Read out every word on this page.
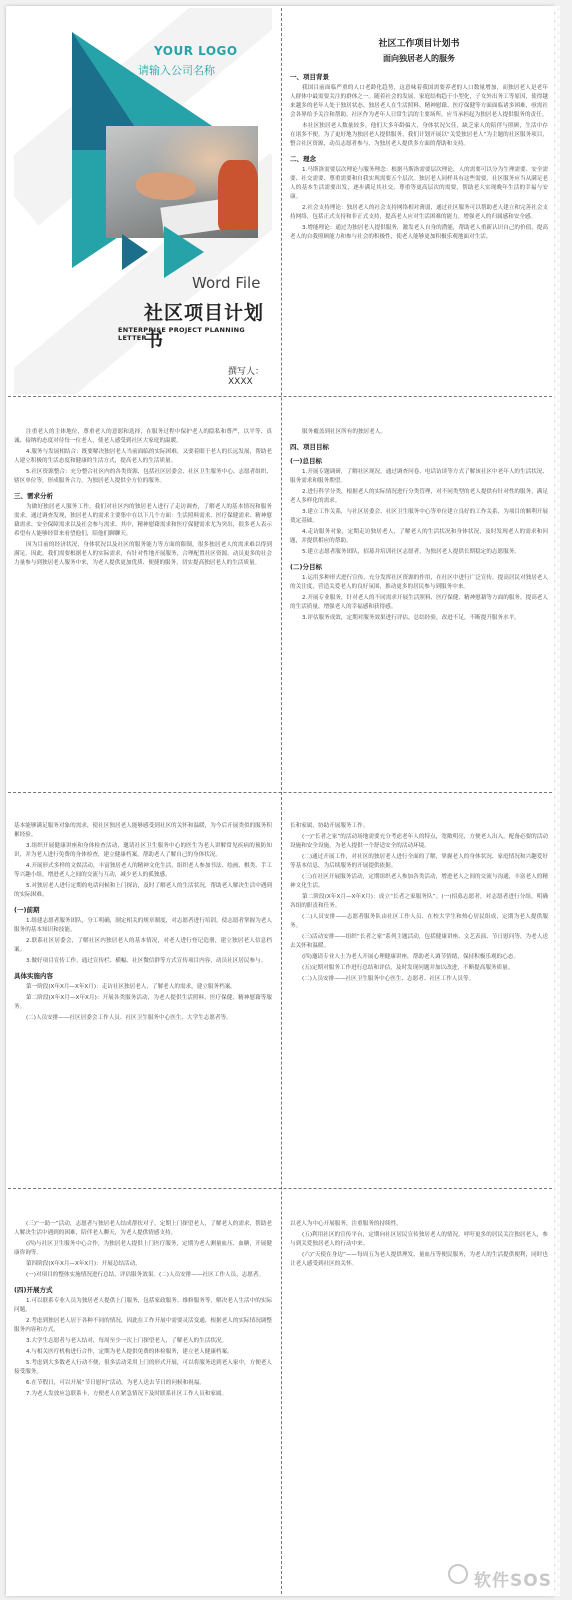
YOUR LOGO
请输入公司名称
Word File
社区项目计划书
ENTERPRISE PROJECT PLANNING LETTER
撰写人：XXXX
社区工作项目计划书
面向独居老人的服务
一、项目背景
我国目前面临严重的人口老龄化趋势，这意味着我国需要养老的人口数量增加，而独居老人是老年人群体中最需要关注的群体之一。随着社会的发展，家庭结构趋于小型化，子女外出务工等原因，使得越来越多的老年人处于独居状态。独居老人在生活照料、精神慰藉、医疗保健等方面面临诸多困难，亟需社会各界给予关注和帮助。社区作为老年人日常生活的主要场所，应当承担起为独居老人提供服务的责任。
本社区独居老人数量较多，他们大多年龄偏大，身体状况欠佳，缺乏家人的陪伴与照顾，生活中存在诸多不便。为了更好地为独居老人提供服务，我们计划开展以“关爱独居老人”为主题的社区服务项目，整合社区资源，动员志愿者参与，为独居老人提供多方面的帮助和支持。
二、理念
1.马斯洛需要层次理论与服务理念：根据马斯洛需要层次理论，人的需要可以分为生理需要、安全需要、社交需要、尊重需要和自我实现需要五个层次。独居老人同样具有这些需要，社区服务应当从满足老人的基本生活需要出发，逐步满足其社交、尊重等更高层次的需要，帮助老人实现晚年生活的幸福与安康。
2.社会支持理论：独居老人的社会支持网络相对薄弱，通过社区服务可以帮助老人建立和完善社会支持网络，包括正式支持和非正式支持，提高老人应对生活困难的能力，增强老人的归属感和安全感。
3.增能理论：通过为独居老人提供服务，激发老人自身的潜能，帮助老人重新认识自己的价值，提高老人的自我照顾能力和参与社会的积极性，使老人能够更加积极乐观地面对生活。
注重老人的主体地位，尊重老人的意愿和选择，在服务过程中保护老人的隐私和尊严，以平等、真诚、接纳的态度对待每一位老人，使老人感受到社区大家庭的温暖。
4.服务与发展相结合：既要解决独居老人当前面临的实际困难，又要着眼于老人的长远发展，帮助老人建立积极的生活态度和健康的生活方式，提高老人的生活质量。
5.社区资源整合：充分整合社区内的各类资源，包括社区居委会、社区卫生服务中心、志愿者组织、辖区单位等，形成服务合力，为独居老人提供全方位的服务。
三、需求分析
为做好独居老人服务工作，我们对社区内的独居老人进行了走访调查，了解老人的基本情况和服务需求。通过调查发现，独居老人的需求主要集中在以下几个方面：生活照料需求、医疗保健需求、精神慰藉需求、安全保障需求以及社会参与需求。其中，精神慰藉需求和医疗保健需求尤为突出，很多老人表示希望有人能够经常来看望他们，陪他们聊聊天。
因为目前的经济状况、身体状况以及社区的服务能力等方面的限制，很多独居老人的需求难以得到满足。因此，我们需要根据老人的实际需求，有针对性地开展服务，合理配置社区资源，动员更多的社会力量参与到独居老人服务中来，为老人提供更加优质、便捷的服务，切实提高独居老人的生活质量。
服务覆盖到社区所有的独居老人。
四、项目目标
(一)总目标
1.开展专题调研，了解社区现况，通过调查问卷、电话访谈等方式了解该社区中老年人的生活状况、服务需求和服务期望。
2.进行科学分类，根据老人的实际情况进行分类管理，对不同类型的老人提供有针对性的服务，满足老人多样化的需求。
3.建立工作关系，与社区居委会、社区卫生服务中心等单位建立良好的工作关系，为项目的顺利开展奠定基础。
4.走访服务对象，定期走访独居老人，了解老人的生活状况和身体状况，及时发现老人的需求和问题，并提供相应的帮助。
5.建立志愿者服务团队，招募并培训社区志愿者，为独居老人提供长期稳定的志愿服务。
(二)分目标
1.运用多种形式进行宣传，充分发挥社区资源的作用，在社区中进行广泛宣传，提高居民对独居老人的关注度，营造关爱老人的良好氛围，推动更多的居民参与到服务中来。
2.开展专业服务，针对老人的不同需求开展生活照料、医疗保健、精神慰藉等方面的服务，提高老人的生活质量，增强老人的幸福感和获得感。
3.评估服务成效，定期对服务效果进行评估，总结经验，改进不足，不断提升服务水平。
基本能够满足服务对象的需求，使社区独居老人能够感受到社区的关怀和温暖，为今后开展类似的服务积累经验。
3.组织开展健康讲座和身体检查活动，邀请社区卫生服务中心的医生为老人讲解常见疾病的预防知识，并为老人进行免费的身体检查，建立健康档案，帮助老人了解自己的身体状况。
4.开展形式多样的文娱活动，丰富独居老人的精神文化生活，组织老人参加书法、绘画、棋类、手工等兴趣小组，增进老人之间的交流与互动，减少老人的孤独感。
5.对独居老人进行定期的电话问候和上门探访，及时了解老人的生活状况，帮助老人解决生活中遇到的实际困难。
(一)前期
1.组建志愿者服务团队，分工明确，制定相关的规章制度，对志愿者进行培训，使志愿者掌握为老人服务的基本知识和技能。
2.联系社区居委会，了解社区内独居老人的基本情况，对老人进行登记造册，建立独居老人信息档案。
3.做好项目宣传工作，通过宣传栏、横幅、社区微信群等方式宣传项目内容，动员社区居民参与。
具体实施内容
第一阶段(X年X月—X年X月)：走访社区独居老人，了解老人的需求，建立服务档案。
第二阶段(X年X月—X年X月)：开展各类服务活动，为老人提供生活照料、医疗保健、精神慰藉等服务。
(二)人员安排——社区居委会工作人员、社区卫生服务中心医生、大学生志愿者等。
长和家属，协助开展服务工作。
(一)“长者之家”的活动场地需要充分考虑老年人的特点，宽敞明亮，方便老人出入，配备必要的活动设施和安全设施，为老人提供一个舒适安全的活动环境。
(二)通过开展工作，对社区的独居老人进行全面的了解，掌握老人的身体状况、家庭情况和兴趣爱好等基本信息，为后续服务的开展提供依据。
(三)在社区开展服务活动，定期组织老人参加各类活动，增进老人之间的交流与沟通，丰富老人的精神文化生活。
第二阶段(X年X月—X年X月)：成立“长者之家服务队”。(一)招募志愿者，对志愿者进行分组，明确各组的职责和任务。
(二)人员安排——志愿者服务队由社区工作人员、在校大学生和热心居民组成，定期为老人提供服务。
(三)活动安排——组织“长者之家”系列主题活动，包括健康讲座、文艺表演、节日慰问等，为老人送去关怀和温暖。
(四)邀请专业人士为老人开展心理健康讲座，帮助老人调节情绪，保持积极乐观的心态。
(五)定期对服务工作进行总结和评估，及时发现问题并加以改进，不断提高服务质量。
(二)人员安排——社区卫生服务中心医生、志愿者、社区工作人员等。
(三)“一助一”活动，志愿者与独居老人结成帮扶对子，定期上门探望老人，了解老人的需求，帮助老人解决生活中遇到的困难，陪伴老人聊天，为老人提供情感支持。
(四)与社区卫生服务中心合作，为独居老人提供上门医疗服务，定期为老人测量血压、血糖，开展健康咨询等。
第四阶段(X年X月—X年X月)：开展总结活动。
(一)对项目的整体实施情况进行总结，评估服务效果。(二)人员安排——社区工作人员、志愿者。
(四)开展方式
1.可以联系专业人员为独居老人提供上门服务，包括家政服务、维修服务等，解决老人生活中的实际问题。
2.考虑到独居老人居于各种不同的情况，因此在工作开展中需要灵活变通，根据老人的实际情况调整服务内容和方式。
3.大学生志愿者与老人结对，每周至少一次上门探望老人，了解老人的生活状况。
4.与相关医疗机构进行合作，定期为老人提供免费的体检服务，建立老人健康档案。
5.考虑到大多数老人行动不便，很多活动采用上门的形式开展，可以将服务送到老人家中，方便老人接受服务。
6.在节假日，可以开展“节日慰问”活动，为老人送去节日的问候和祝福。
7.为老人发放应急联系卡，方便老人在紧急情况下及时联系社区工作人员和家属。
以老人为中心开展服务，注重服务的持续性。
(五)利用社区的宣传平台，定期向社区居民宣传独居老人的情况，呼吁更多的居民关注独居老人，参与到关爱独居老人的行动中来。
(六)“天使在身边”——每周五为老人提供理发、量血压等便民服务，为老人的生活提供便利，同时也让老人感受到社区的关怀。
软件SOS
